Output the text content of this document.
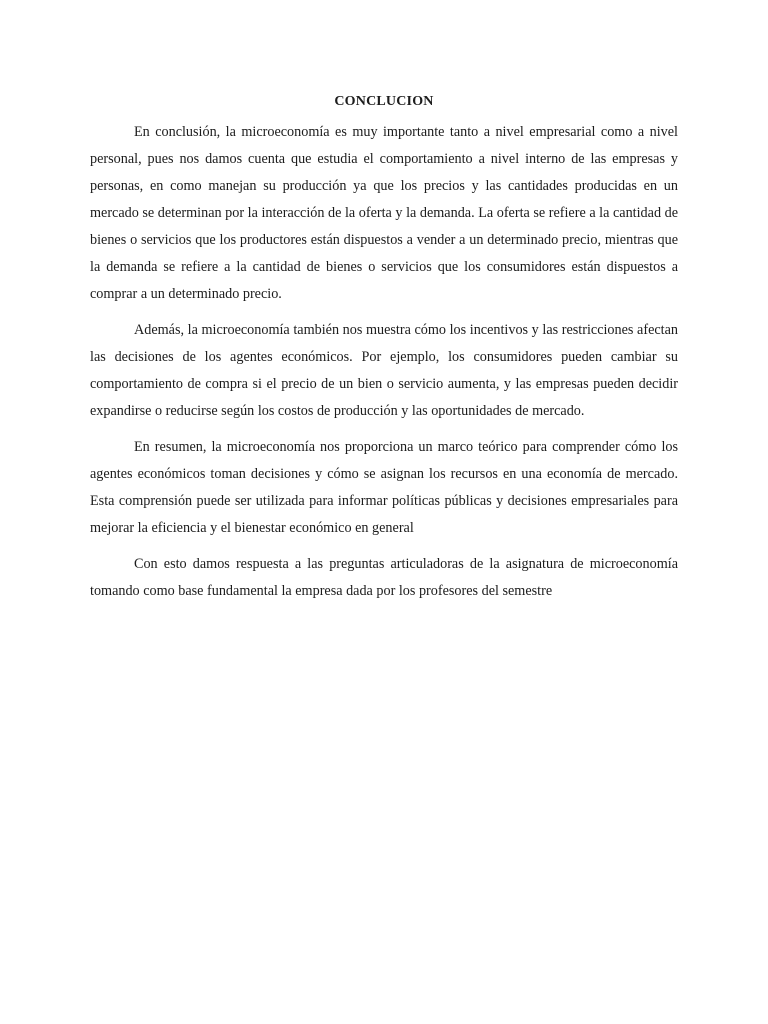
CONCLUCION

En conclusión, la microeconomía es muy importante tanto a nivel empresarial como a nivel personal, pues nos damos cuenta que estudia el comportamiento a nivel interno de las empresas y personas, en como manejan su producción ya que los precios y las cantidades producidas en un mercado se determinan por la interacción de la oferta y la demanda. La oferta se refiere a la cantidad de bienes o servicios que los productores están dispuestos a vender a un determinado precio, mientras que la demanda se refiere a la cantidad de bienes o servicios que los consumidores están dispuestos a comprar a un determinado precio.

Además, la microeconomía también nos muestra cómo los incentivos y las restricciones afectan las decisiones de los agentes económicos. Por ejemplo, los consumidores pueden cambiar su comportamiento de compra si el precio de un bien o servicio aumenta, y las empresas pueden decidir expandirse o reducirse según los costos de producción y las oportunidades de mercado.

En resumen, la microeconomía nos proporciona un marco teórico para comprender cómo los agentes económicos toman decisiones y cómo se asignan los recursos en una economía de mercado. Esta comprensión puede ser utilizada para informar políticas públicas y decisiones empresariales para mejorar la eficiencia y el bienestar económico en general

Con esto damos respuesta a las preguntas articuladoras de la asignatura de microeconomía tomando como base fundamental la empresa dada por los profesores del semestre
